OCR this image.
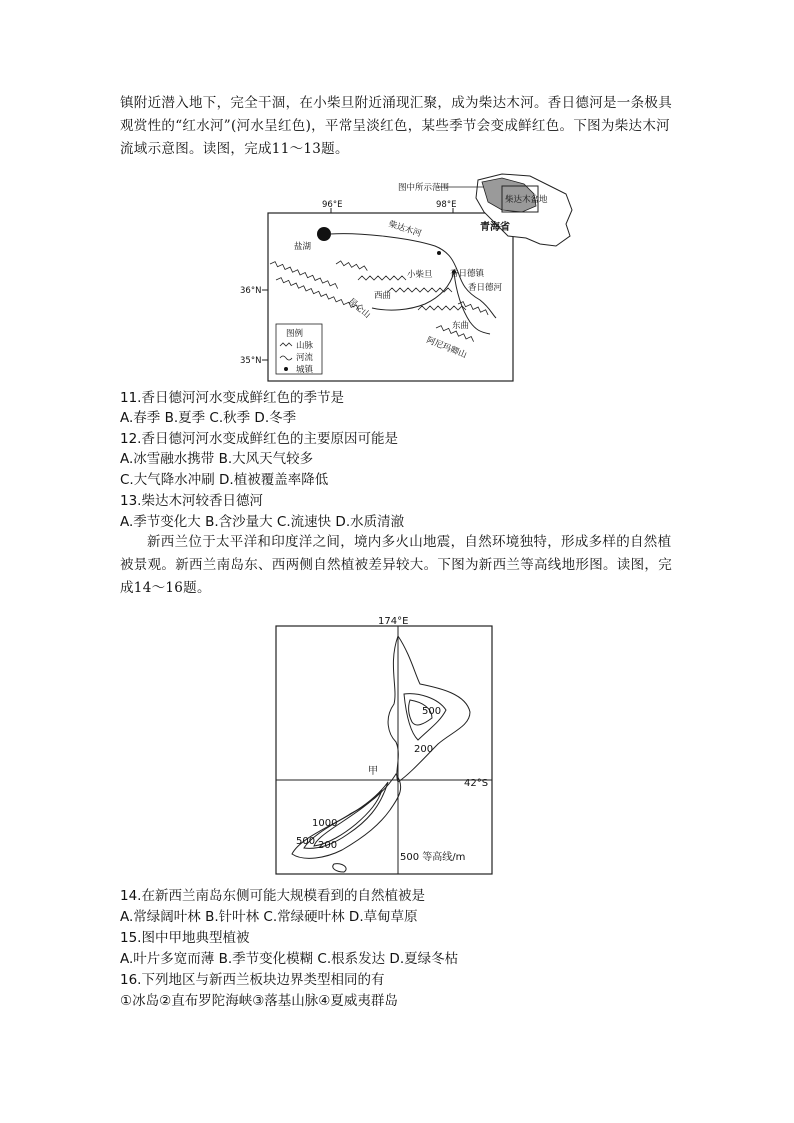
镇附近潜入地下，完全干涸，在小柴旦附近涌现汇聚，成为柴达木河。香日德河是一条极具观赏性的“红水河”(河水呈红色)，平常呈淡红色，某些季节会变成鲜红色。下图为柴达木河流域示意图。读图，完成11～13题。
96°E	98°E
36°N
35°N
柴达木盆地
青海省
图中所示范围
盐湖
柴达木河
小柴旦 香日德镇
香日德河
西曲
东曲
昆仑山
阿尼玛卿山
图例
山脉
河流
城镇
11.香日德河河水变成鲜红色的季节是
A.春季 B.夏季 C.秋季 D.冬季
12.香日德河河水变成鲜红色的主要原因可能是
A.冰雪融水携带 B.大风天气较多
C.大气降水冲刷 D.植被覆盖率降低
13.柴达木河较香日德河
A.季节变化大 B.含沙量大 C.流速快 D.水质清澈
新西兰位于太平洋和印度洋之间，境内多火山地震，自然环境独特，形成多样的自然植被景观。新西兰南岛东、西两侧自然植被差异较大。下图为新西兰等高线地形图。读图，完成14～16题。
174°E
42°S
500
200
1000
500 200
甲
500 等高线/m
14.在新西兰南岛东侧可能大规模看到的自然植被是
A.常绿阔叶林 B.针叶林 C.常绿硬叶林 D.草甸草原
15.图中甲地典型植被
A.叶片多宽而薄 B.季节变化模糊 C.根系发达 D.夏绿冬枯
16.下列地区与新西兰板块边界类型相同的有
①冰岛②直布罗陀海峡③落基山脉④夏威夷群岛
